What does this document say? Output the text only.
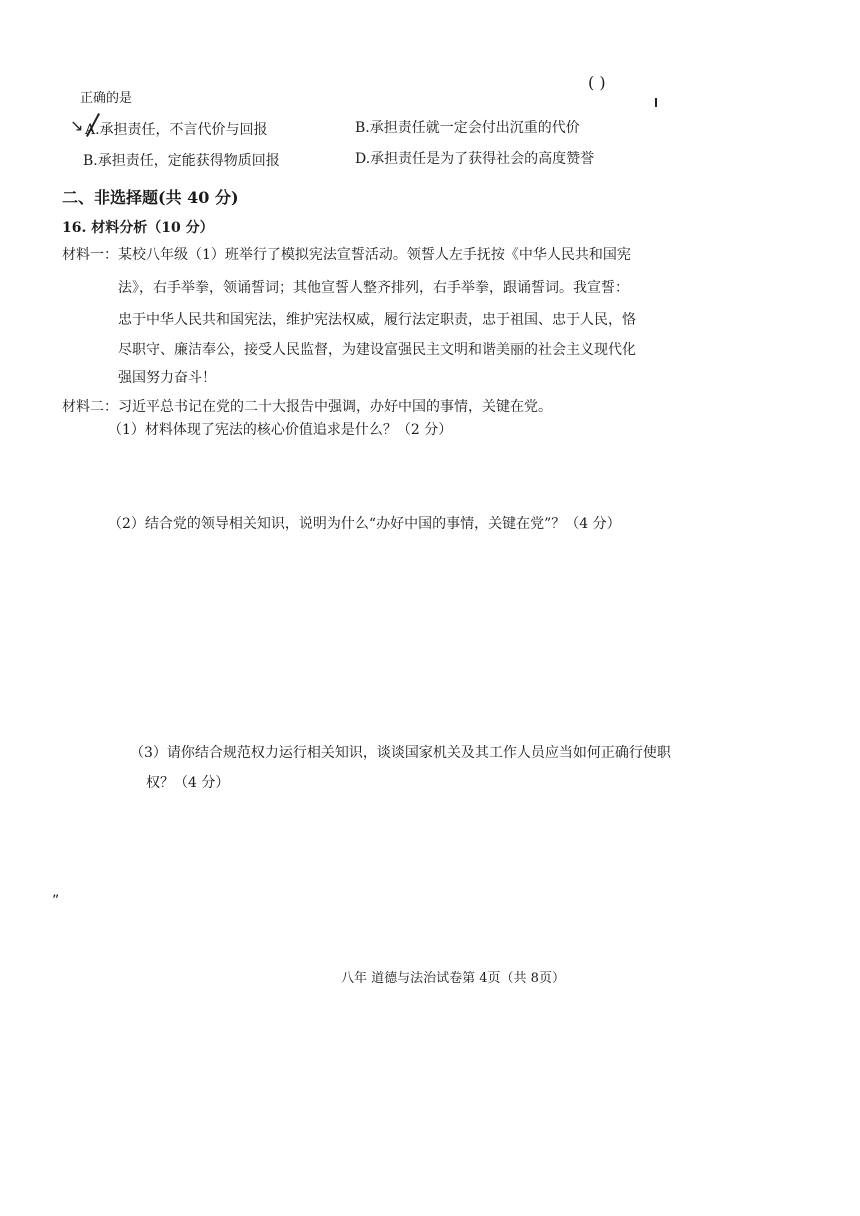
↘
”
正确的是
( )
A.承担责任，不言代价与回报	B.承担责任就一定会付出沉重的代价
B.承担责任，定能获得物质回报	D.承担责任是为了获得社会的高度赞誉
二、非选择题(共 40 分)
16. 材料分析（10 分）
材料一：某校八年级（1）班举行了模拟宪法宣誓活动。领誓人左手抚按《中华人民共和国宪
法》，右手举拳，领诵誓词；其他宣誓人整齐排列，右手举拳，跟诵誓词。我宣誓：
忠于中华人民共和国宪法，维护宪法权威，履行法定职责，忠于祖国、忠于人民，恪
尽职守、廉洁奉公，接受人民监督，为建设富强民主文明和谐美丽的社会主义现代化
强国努力奋斗！
材料二：习近平总书记在党的二十大报告中强调，办好中国的事情，关键在党。
（1）材料体现了宪法的核心价值追求是什么？（2 分）
（2）结合党的领导相关知识，说明为什么“办好中国的事情，关键在党”？（4 分）
（3）请你结合规范权力运行相关知识，谈谈国家机关及其工作人员应当如何正确行使职
权？（4 分）
八年 道德与法治试卷第 4页（共 8页）
